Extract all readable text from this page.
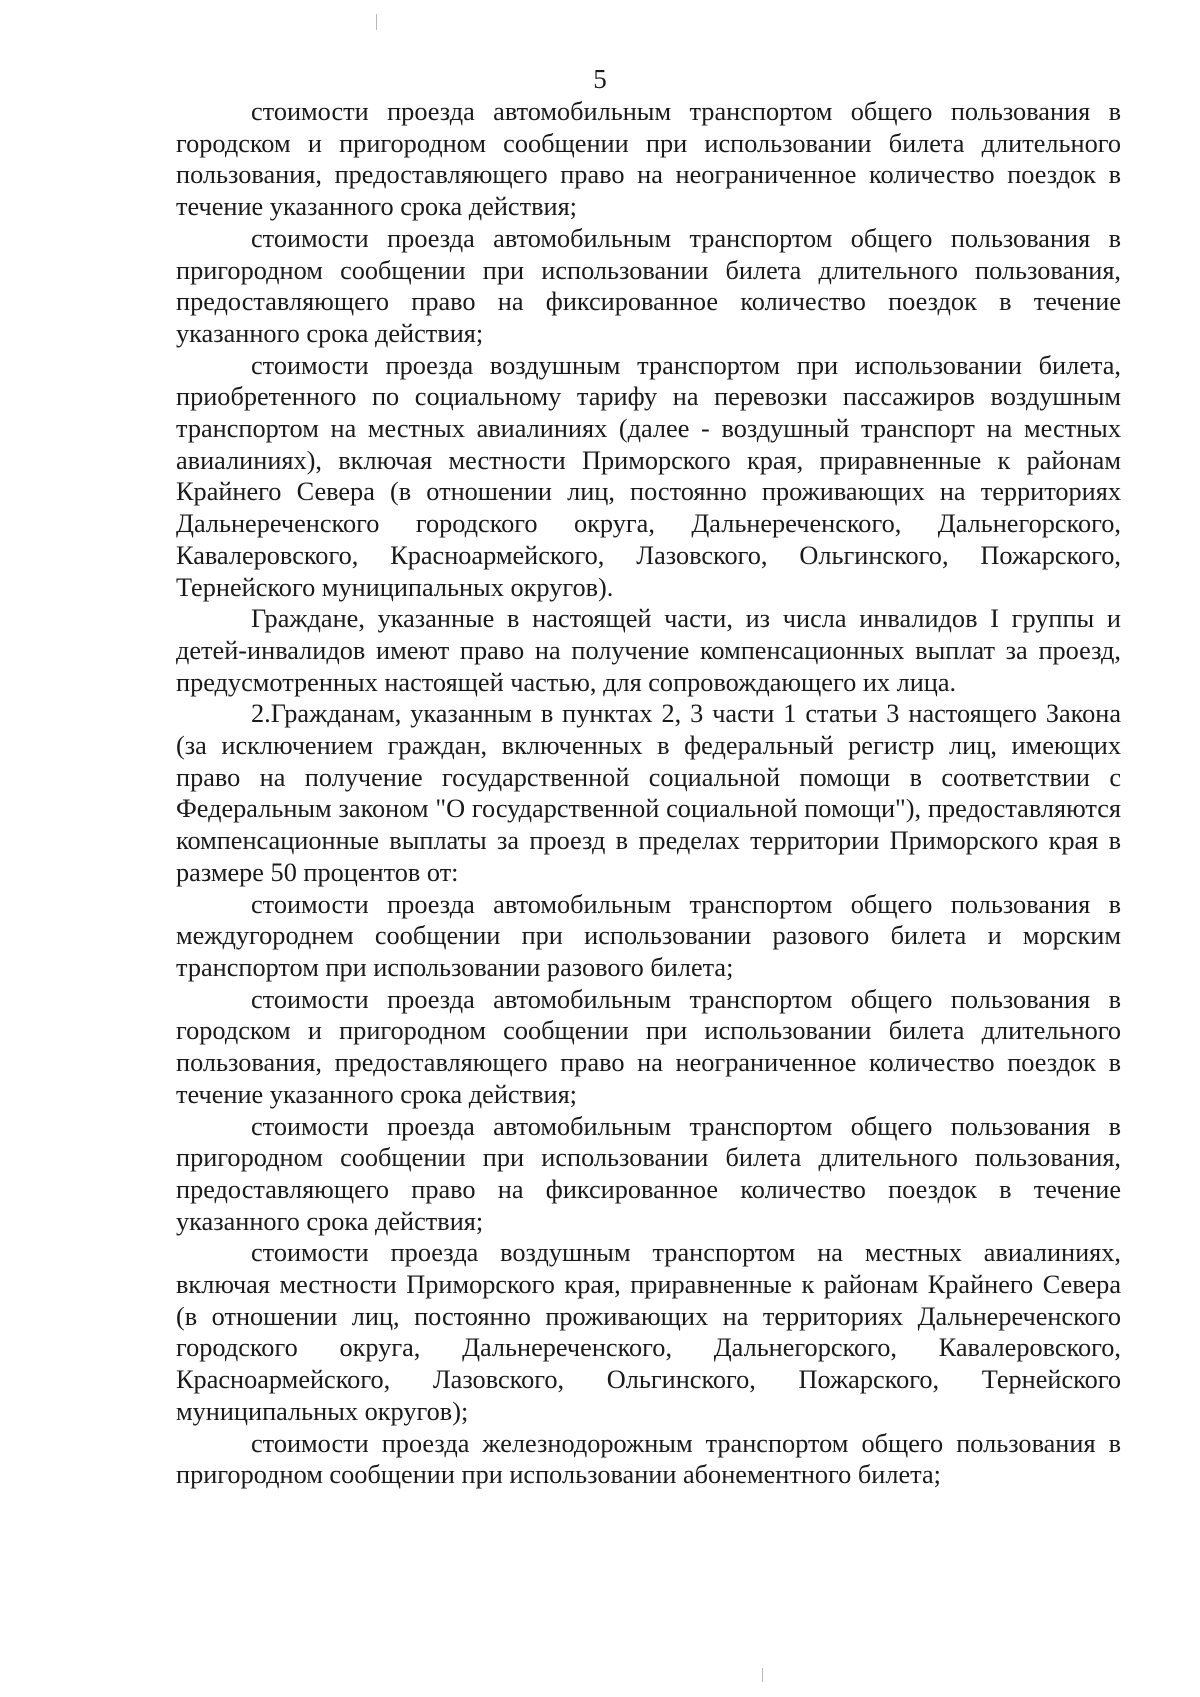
5

стоимости проезда автомобильным транспортом общего пользования в городском и пригородном сообщении при использовании билета длительного пользования, предоставляющего право на неограниченное количество поездок в течение указанного срока действия;

стоимости проезда автомобильным транспортом общего пользования в пригородном сообщении при использовании билета длительного пользования, предоставляющего право на фиксированное количество поездок в течение указанного срока действия;

стоимости проезда воздушным транспортом при использовании билета, приобретенного по социальному тарифу на перевозки пассажиров воздушным транспортом на местных авиалиниях (далее - воздушный транспорт на местных авиалиниях), включая местности Приморского края, приравненные к районам Крайнего Севера (в отношении лиц, постоянно проживающих на территориях Дальнереченского городского округа, Дальнереченского, Дальнегорского, Кавалеровского, Красноармейского, Лазовского, Ольгинского, Пожарского, Тернейского муниципальных округов).

Граждане, указанные в настоящей части, из числа инвалидов I группы и детей-инвалидов имеют право на получение компенсационных выплат за проезд, предусмотренных настоящей частью, для сопровождающего их лица.

2.Гражданам, указанным в пунктах 2, 3 части 1 статьи 3 настоящего Закона (за исключением граждан, включенных в федеральный регистр лиц, имеющих право на получение государственной социальной помощи в соответствии с Федеральным законом "О государственной социальной помощи"), предоставляются компенсационные выплаты за проезд в пределах территории Приморского края в размере 50 процентов от:

стоимости проезда автомобильным транспортом общего пользования в междугороднем сообщении при использовании разового билета и морским транспортом при использовании разового билета;

стоимости проезда автомобильным транспортом общего пользования в городском и пригородном сообщении при использовании билета длительного пользования, предоставляющего право на неограниченное количество поездок в течение указанного срока действия;

стоимости проезда автомобильным транспортом общего пользования в пригородном сообщении при использовании билета длительного пользования, предоставляющего право на фиксированное количество поездок в течение указанного срока действия;

стоимости проезда воздушным транспортом на местных авиалиниях, включая местности Приморского края, приравненные к районам Крайнего Севера (в отношении лиц, постоянно проживающих на территориях Дальнереченского городского округа, Дальнереченского, Дальнегорского, Кавалеровского, Красноармейского, Лазовского, Ольгинского, Пожарского, Тернейского муниципальных округов);

стоимости проезда железнодорожным транспортом общего пользования в пригородном сообщении при использовании абонементного билета;
